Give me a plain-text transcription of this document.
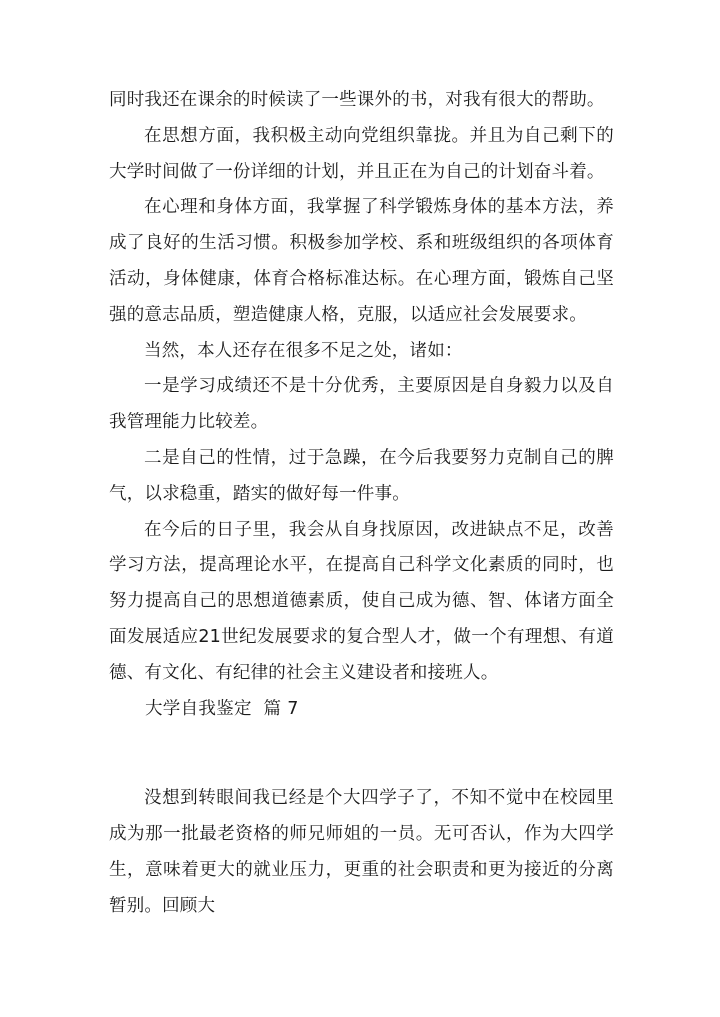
同时我还在课余的时候读了一些课外的书，对我有很大的帮助。

在思想方面，我积极主动向党组织靠拢。并且为自己剩下的大学时间做了一份详细的计划，并且正在为自己的计划奋斗着。

在心理和身体方面，我掌握了科学锻炼身体的基本方法，养成了良好的生活习惯。积极参加学校、系和班级组织的各项体育活动，身体健康，体育合格标准达标。在心理方面，锻炼自己坚强的意志品质，塑造健康人格，克服，以适应社会发展要求。

当然，本人还存在很多不足之处，诸如：

一是学习成绩还不是十分优秀，主要原因是自身毅力以及自我管理能力比较差。

二是自己的性情，过于急躁，在今后我要努力克制自己的脾气，以求稳重，踏实的做好每一件事。

在今后的日子里，我会从自身找原因，改进缺点不足，改善学习方法，提高理论水平，在提高自己科学文化素质的同时，也努力提高自己的思想道德素质，使自己成为德、智、体诸方面全面发展适应21世纪发展要求的复合型人才，做一个有理想、有道德、有文化、有纪律的社会主义建设者和接班人。

大学自我鉴定  篇 7

没想到转眼间我已经是个大四学子了，不知不觉中在校园里成为那一批最老资格的师兄师姐的一员。无可否认，作为大四学生，意味着更大的就业压力，更重的社会职责和更为接近的分离暂别。回顾大
